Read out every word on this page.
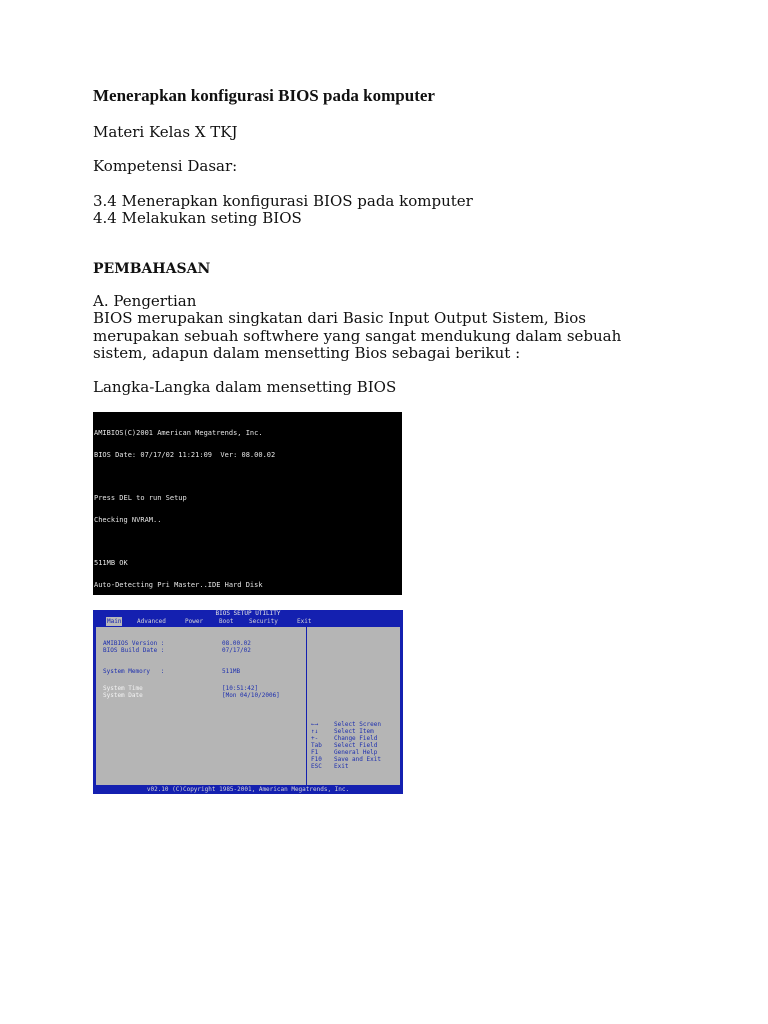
Menerapkan konfigurasi BIOS pada komputer

Materi Kelas X TKJ

Kompetensi Dasar:

3.4 Menerapkan konfigurasi BIOS pada komputer

4.4 Melakukan seting BIOS

PEMBAHASAN

A. Pengertian

BIOS merupakan singkatan dari Basic Input Output Sistem, Bios

merupakan sebuah softwhere yang sangat mendukung dalam sebuah

sistem, adapun dalam mensetting Bios sebagai berikut :

Langka-Langka dalam mensetting BIOS

AMIBIOS(C)2001 American Megatrends, Inc.

BIOS Date: 07/17/02 11:21:09  Ver: 08.00.02

Press DEL to run Setup

Checking NVRAM..

511MB OK

Auto-Detecting Pri Master..IDE Hard Disk

BIOS SETUP UTILITY
Main	Advanced	Power	Boot	Security	Exit
AMIBIOS Version :	08.00.02
BIOS Build Date :	07/17/02
System Memory   :	511MB
System Time	[10:51:42]
System Date	[Mon 04/10/2006]
←→	Select Screen
↑↓	Select Item
+-	Change Field
Tab Select Field
F1	General Help
F10 Save and Exit
ESC Exit
v02.10 (C)Copyright 1985-2001, American Megatrends, Inc.
